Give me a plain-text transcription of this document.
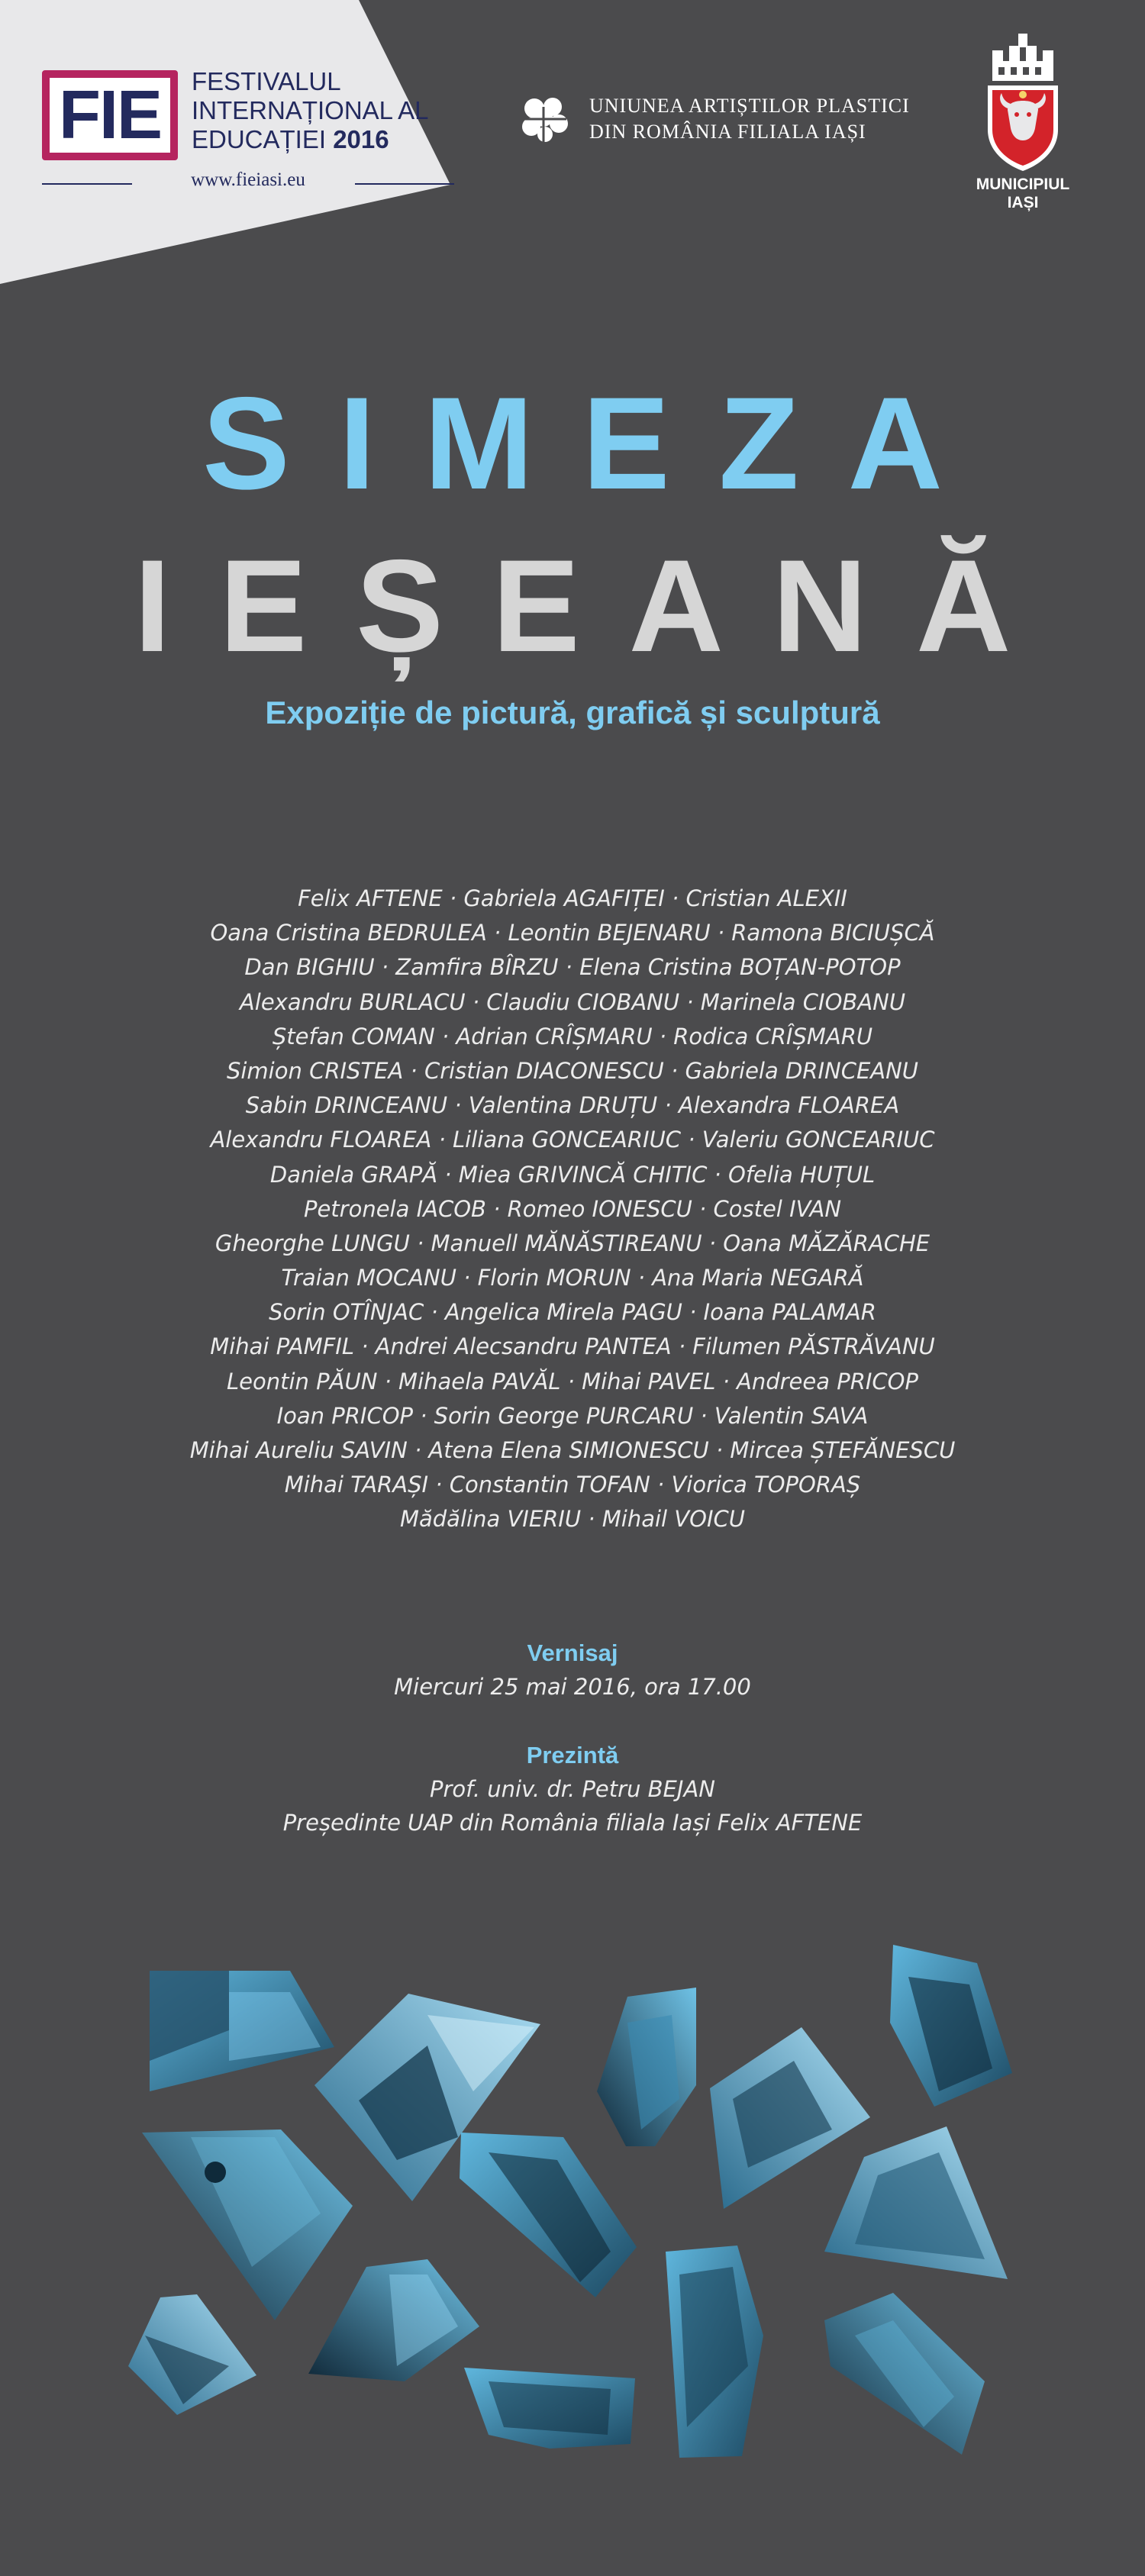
FIE	FESTIVALUL
INTERNAȚIONAL AL
EDUCAȚIEI 2016
www.fieiasi.eu
UNIUNEA ARTIȘTILOR PLASTICI
DIN ROMÂNIA FILIALA IAȘI
MUNICIPIUL
IAȘI
SIMEZA
IEȘEANĂ
Expoziție de pictură, grafică și sculptură
Felix AFTENE · Gabriela AGAFIȚEI · Cristian ALEXII
Oana Cristina BEDRULEA · Leontin BEJENARU · Ramona BICIUȘCĂ
Dan BIGHIU · Zamfira BÎRZU · Elena Cristina BOȚAN-POTOP
Alexandru BURLACU · Claudiu CIOBANU · Marinela CIOBANU
Ștefan COMAN · Adrian CRÎȘMARU · Rodica CRÎȘMARU
Simion CRISTEA · Cristian DIACONESCU · Gabriela DRINCEANU
Sabin DRINCEANU · Valentina DRUȚU · Alexandra FLOAREA
Alexandru FLOAREA · Liliana GONCEARIUC · Valeriu GONCEARIUC
Daniela GRAPĂ · Miea GRIVINCĂ CHITIC · Ofelia HUȚUL
Petronela IACOB · Romeo IONESCU · Costel IVAN
Gheorghe LUNGU · Manuell MĂNĂSTIREANU · Oana MĂZĂRACHE
Traian MOCANU · Florin MORUN · Ana Maria NEGARĂ
Sorin OTÎNJAC · Angelica Mirela PAGU · Ioana PALAMAR
Mihai PAMFIL · Andrei Alecsandru PANTEA · Filumen PĂSTRĂVANU
Leontin PĂUN · Mihaela PAVĂL · Mihai PAVEL · Andreea PRICOP
Ioan PRICOP · Sorin George PURCARU · Valentin SAVA
Mihai Aureliu SAVIN · Atena Elena SIMIONESCU · Mircea ȘTEFĂNESCU
Mihai TARAȘI · Constantin TOFAN · Viorica TOPORAȘ
Mădălina VIERIU · Mihail VOICU
Vernisaj
Miercuri 25 mai 2016, ora 17.00
Prezintă
Prof. univ. dr. Petru BEJAN
Președinte UAP din România filiala Iași Felix AFTENE
